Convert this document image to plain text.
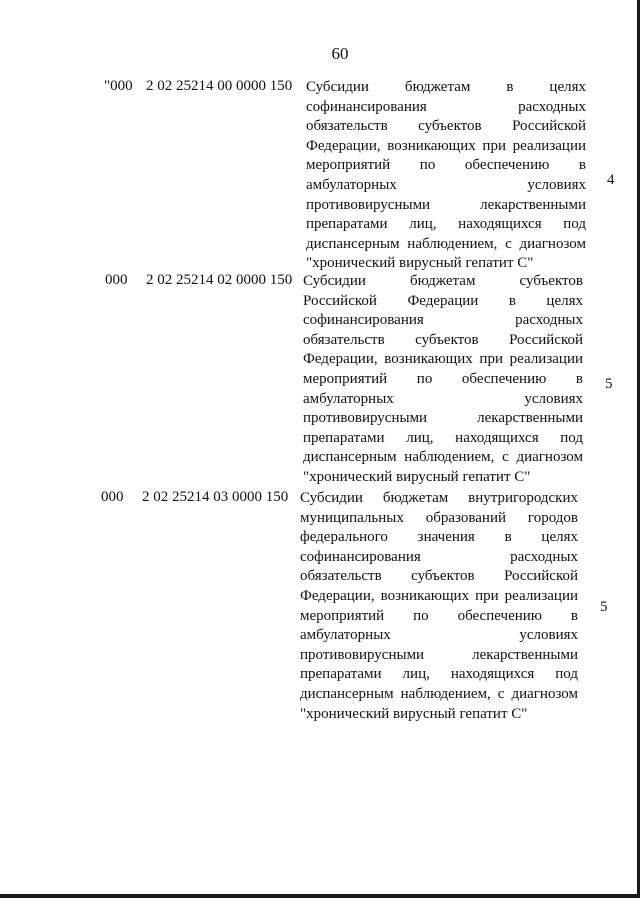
60
"000 2 02 25214 00 0000 150 Субсидии бюджетам в целях
софинансирования расходных
обязательств субъектов Российской
Федерации, возникающих при реализации
мероприятий по обеспечению в
амбулаторных условиях
противовирусными лекарственными
препаратами лиц, находящихся под
диспансерным наблюдением, с диагнозом
"хронический вирусный гепатит С"
4
000 2 02 25214 02 0000 150 Субсидии бюджетам субъектов
Российской Федерации в целях
софинансирования расходных
обязательств субъектов Российской
Федерации, возникающих при реализации
мероприятий по обеспечению в
амбулаторных условиях
противовирусными лекарственными
препаратами лиц, находящихся под
диспансерным наблюдением, с диагнозом
"хронический вирусный гепатит С"
5
000 2 02 25214 03 0000 150 Субсидии бюджетам внутригородских
муниципальных образований городов
федерального значения в целях
софинансирования расходных
обязательств субъектов Российской
Федерации, возникающих при реализации
мероприятий по обеспечению в
амбулаторных условиях
противовирусными лекарственными
препаратами лиц, находящихся под
диспансерным наблюдением, с диагнозом
"хронический вирусный гепатит С"
5
